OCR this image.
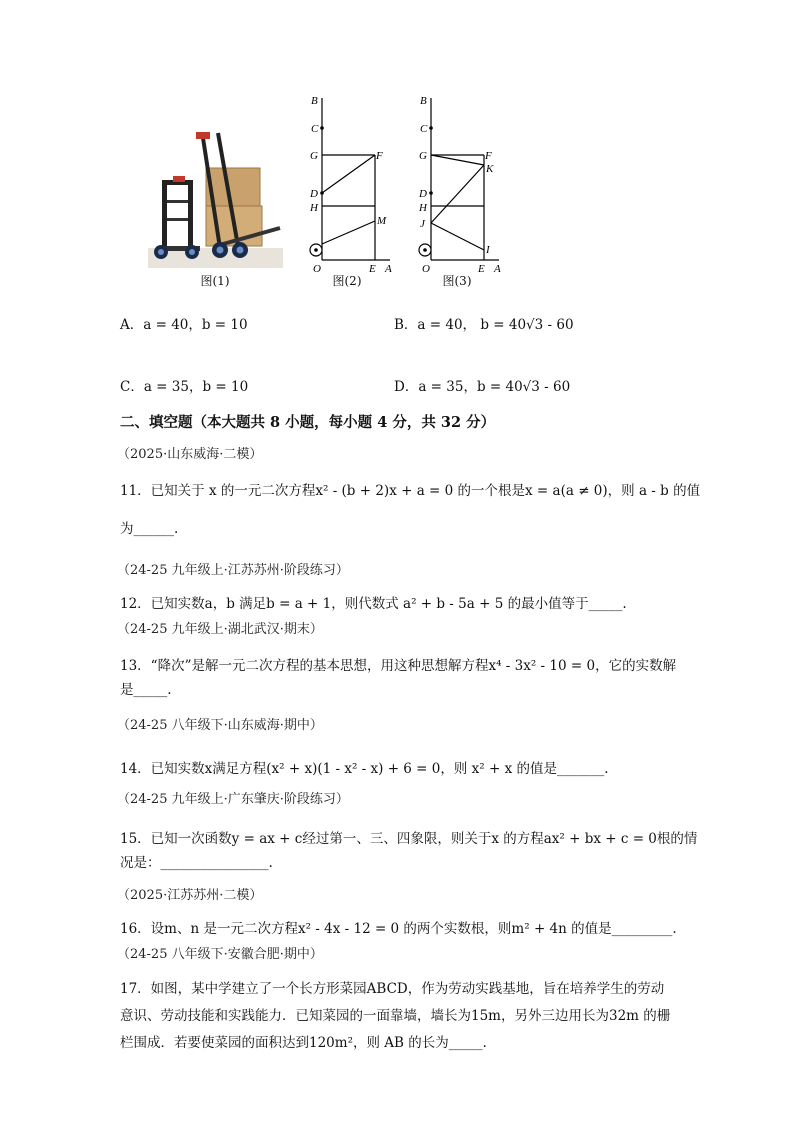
图(1)
B
C
G	F
D
H
M
O	E A
图(2)
B
C
G	F
K
D
H
J
I
O	E A
图(3)
A．a = 40，b = 10	B．a = 40， b = 40√3 - 60
C．a = 35，b = 10	D．a = 35，b = 40√3 - 60
二、填空题（本大题共 8 小题，每小题 4 分，共 32 分）
（2025·山东威海·二模）
11．已知关于 x 的一元二次方程x² - (b + 2)x + a = 0 的一个根是x = a(a ≠ 0)，则 a - b 的值
为______.
（24-25 九年级上·江苏苏州·阶段练习）
12．已知实数a，b 满足b = a + 1，则代数式 a² + b - 5a + 5 的最小值等于_____.
（24-25 九年级上·湖北武汉·期末）
13．“降次”是解一元二次方程的基本思想，用这种思想解方程x⁴ - 3x² - 10 = 0，它的实数解
是_____.
（24-25 八年级下·山东威海·期中）
14．已知实数x满足方程(x² + x)(1 - x² - x) + 6 = 0，则 x² + x 的值是_______.
（24-25 九年级上·广东肇庆·阶段练习）
15．已知一次函数y = ax + c经过第一、三、四象限，则关于x 的方程ax² + bx + c = 0根的情
况是：________________.
（2025·江苏苏州·二模）
16．设m、n 是一元二次方程x² - 4x - 12 = 0 的两个实数根，则m² + 4n 的值是_________.
（24-25 八年级下·安徽合肥·期中）
17．如图，某中学建立了一个长方形菜园ABCD，作为劳动实践基地，旨在培养学生的劳动
意识、劳动技能和实践能力．已知菜园的一面靠墙，墙长为15m，另外三边用长为32m 的栅
栏围成．若要使菜园的面积达到120m²，则 AB 的长为_____.
